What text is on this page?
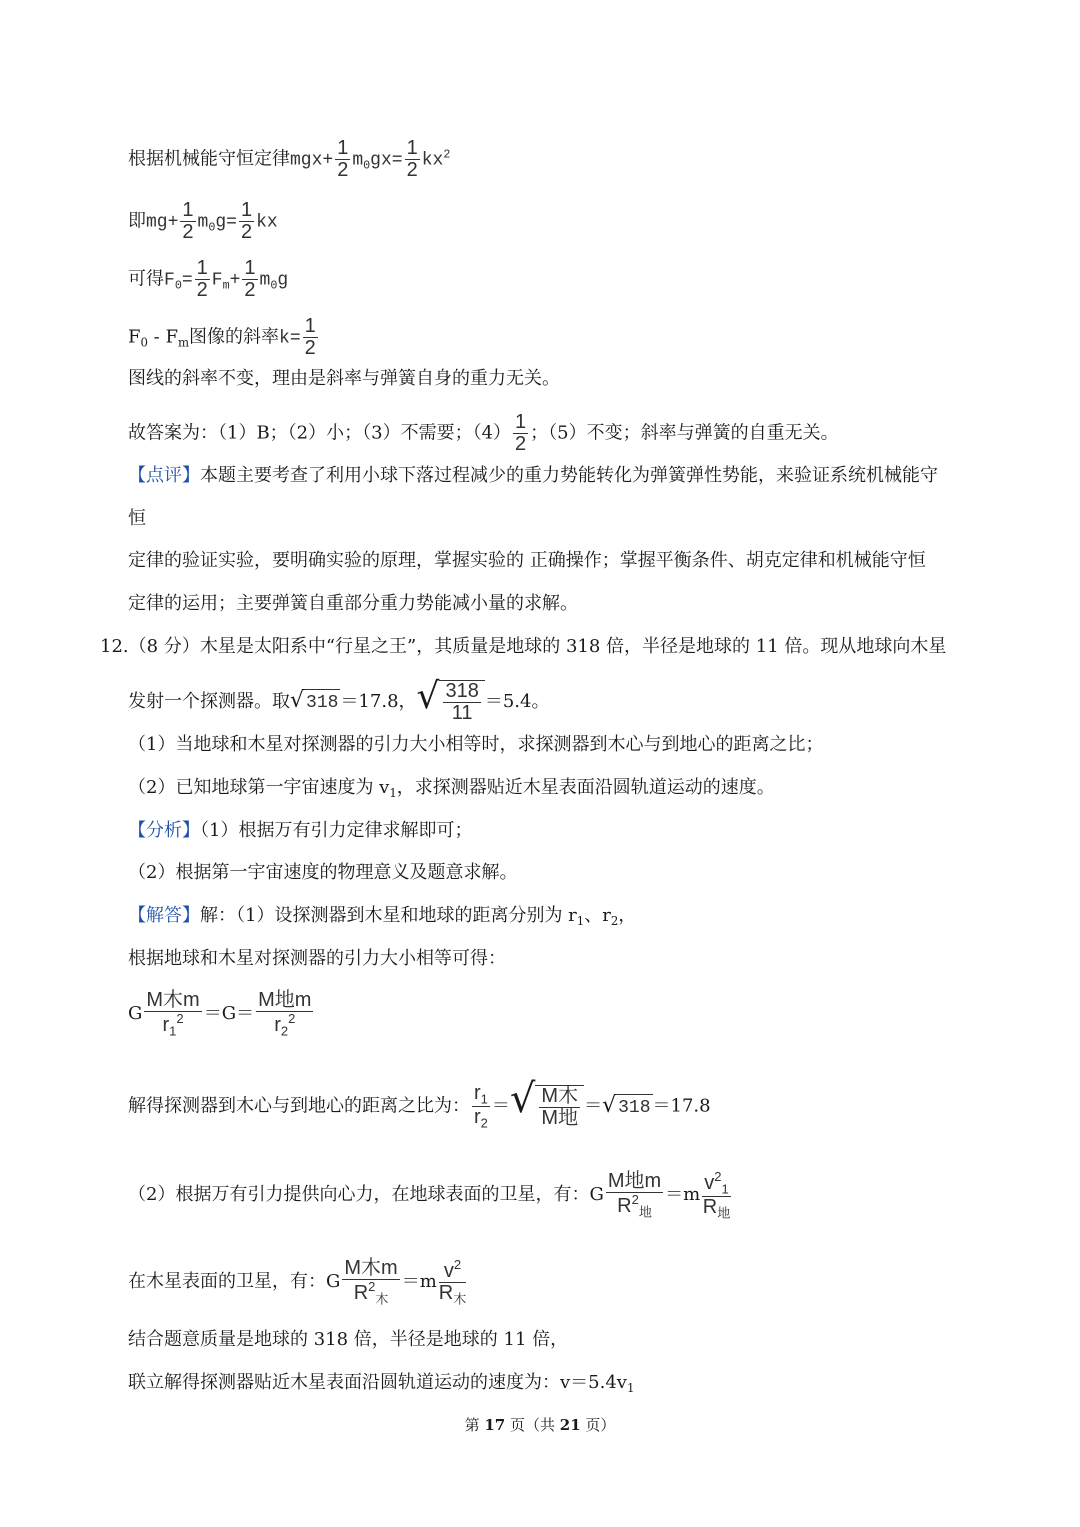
根据机械能守恒定律$mgx+ \frac{1}{2} m_0gx= \frac{1}{2} kx^2$
即$mg+ \frac{1}{2} m_0g= \frac{1}{2}$ kx
可得$F_0= \frac{1}{2} F_m+ \frac{1}{2} m_0g$
$F_0 - F_m$图像的斜率$k= \frac{1}{2}$
图线的斜率不变，理由是斜率与弹簧自身的重力无关。
故答案为：（1）B；（2）小；（3）不需要；$(4) \frac{1}{2}$ ；（5）不变；斜率与弹簧的自重无关。
【点评】本题主要考查了利用小球下落过程减少的重力势能转化为弹簧弹性势能，来验证系统机械能守
恒
定律的验证实验，要明确实验的原理，掌握实验的 正确操作；掌握平衡条件、胡克定律和机械能守恒
定律的运用；主要弹簧自重部分重力势能减小量的求解。
12.（8 分）木星是太阳系中“行星之王”，其质量是地球的 318 倍，半径是地球的 11 倍。现从地球向木星
发射一个探测器。取√ 318 ＝17.8，√ $\frac{318}{11} =5.4$。
（1）当地球和木星对探测器的引力大小相等时，求探测器到木心与到地心的距离之比；
（2）已知地球第一宇宙速度为 $v_1$，求探测器贴近木星表面沿圆轨道运动的速度。
【分析】（1）根据万有引力定律求解即可；
（2）根据第一宇宙速度的物理意义及题意求解。
【解答】解：（1）设探测器到木星和地球的距离分别为 $r_1$、$r_2$，
根据地球和木星对探测器的引力大小相等可得：
G $\frac{\text{M木m}}{r_1^2} =G= \frac{\text{M地m}}{r_2^2}$
解得探测器到木心与到地心的距离之比为： $\frac{r_1}{r_2}$ ＝√ $\frac{\text{M木}}{\text{M地}}$ ＝√ 318 ＝17.8
（2）根据万有引力提供向心力，在地球表面的卫星，有：G $\frac{\text{M地m}}{R^2_地} =m \frac{v^2_1}{R_地}$
在木星表面的卫星，有：G $\frac{\text{M木m}}{R^2_木} =m \frac{v^2}{R_木}$
结合题意质量是地球的 318 倍，半径是地球的 11 倍，
联立解得探测器贴近木星表面沿圆轨道运动的速度为：$v=5.4v_1$
第 17 页（共 21 页）
